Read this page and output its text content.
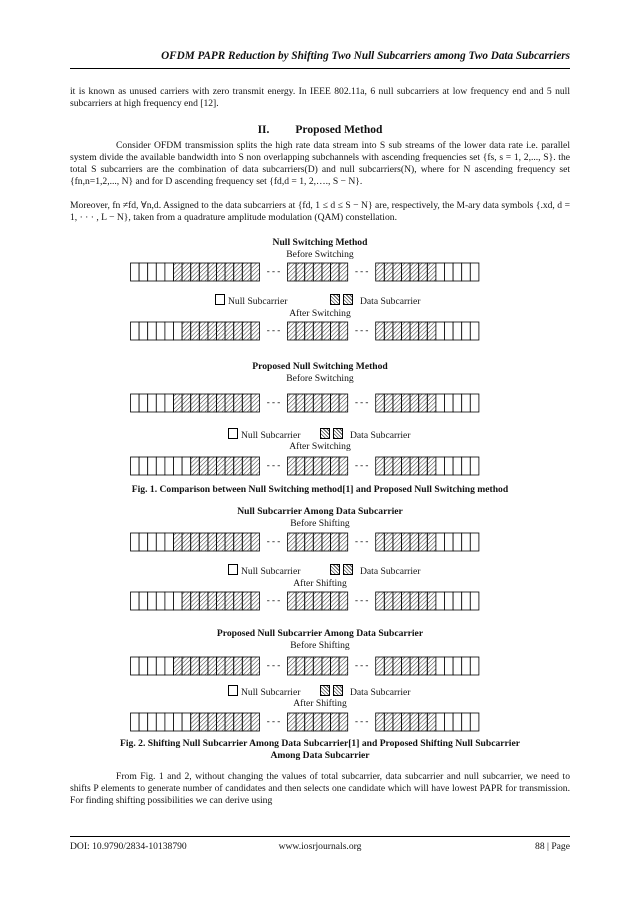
OFDM PAPR Reduction by Shifting Two Null Subcarriers among Two Data Subcarriers

it is known as unused carriers with zero transmit energy. In IEEE 802.11a, 6 null subcarriers at low frequency end and 5 null subcarriers at high frequency end [12].

II. Proposed Method

Consider OFDM transmission splits the high rate data stream into S sub streams of the lower data rate i.e. parallel system divide the available bandwidth into S non overlapping subchannels with ascending frequencies set {fs, s = 1, 2,..., S}. the total S subcarriers are the combination of data subcarriers(D) and null subcarriers(N), where for N ascending frequency set {fn,n=1,2,..., N} and for D ascending frequency set {fd,d = 1, 2,…., S − N}.

Moreover, fn ≠fd, ∀n,d. Assigned to the data subcarriers at {fd, 1 ≤ d ≤ S − N} are, respectively, the M-ary data symbols {.xd, d = 1, · · · , L − N}, taken from a quadrature amplitude modulation (QAM) constellation.

Null Switching Method
Before Switching
- - -	- - -
Null Subcarrier	Data Subcarrier
After Switching
- - -	- - -
Proposed Null Switching Method
Before Switching
- - -	- - -
Null Subcarrier	Data Subcarrier
After Switching
- - -	- - -
Fig. 1. Comparison between Null Switching method[1] and Proposed Null Switching method
Null Subcarrier Among Data Subcarrier
Before Shifting
- - -	- - -
Null Subcarrier	Data Subcarrier
After Shifting
- - -	- - -
Proposed Null Subcarrier Among Data Subcarrier
Before Shifting
- - -	- - -
Null Subcarrier	Data Subcarrier
After Shifting
- - -	- - -
Fig. 2. Shifting Null Subcarrier Among Data Subcarrier[1] and Proposed Shifting Null Subcarrier
Among Data Subcarrier

From Fig. 1 and 2, without changing the values of total subcarrier, data subcarrier and null subcarrier, we need to shifts P elements to generate number of candidates and then selects one candidate which will have lowest PAPR for transmission. For finding shifting possibilities we can derive using

DOI: 10.9790/2834-10138790	www.iosrjournals.org	88 | Page
